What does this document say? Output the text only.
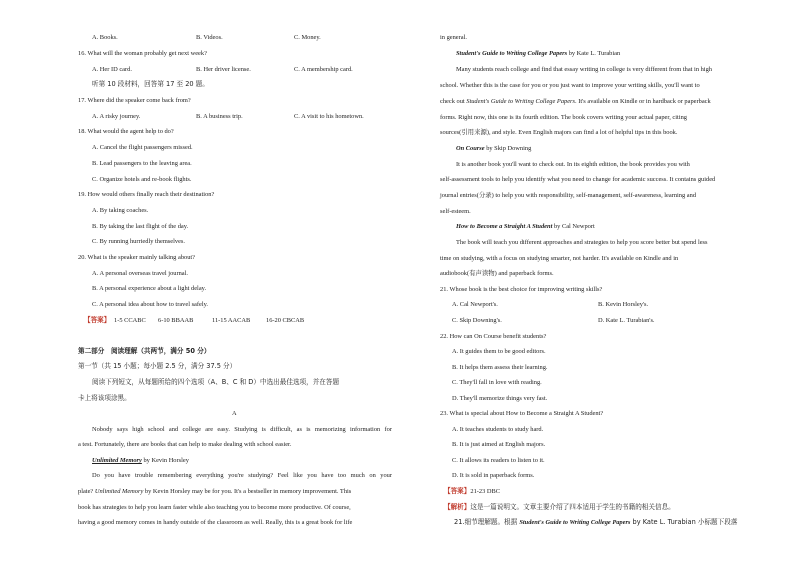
A. Books.	B. Videos.	C. Money.
16. What will the woman probably get next week?
A. Her ID card.	B. Her driver license.	C. A membership card.
听第 10 段材料，回答第 17 至 20 题。
17. Where did the speaker come back from?
A. A risky journey.	B. A business trip.	C. A visit to his hometown.
18. What would the agent help to do?
A. Cancel the flight passengers missed.
B. Lead passengers to the leaving area.
C. Organize hotels and re-book flights.
19. How would others finally reach their destination?
A. By taking coaches.
B. By taking the last flight of the day.
C. By running hurriedly themselves.
20. What is the speaker mainly talking about?
A. A personal overseas travel journal.
B. A personal experience about a light delay.
C. A personal idea about how to travel safely.
【答案】 1-5 CCABC 6-10 BBAAB	11-15 AACAB 16-20 CBCAB
第二部分　阅读理解（共两节，满分 50 分）
第一节（共 15 小题；每小题 2.5 分，满分 37.5 分）
阅读下列短文，从每题所给的四个选项（A、B、C 和 D）中选出最佳选项，并在答题
卡上将该项涂黑。
A
Nobody says high school and college are easy. Studying is difficult, as is memorizing information for
a test. Fortunately, there are books that can help to make dealing with school easier.
Unlimited Memory by Kevin Horsley
Do you have trouble remembering everything you're studying? Feel like you have too much on your
plate? Unlimited Memory by Kevin Horsley may be for you. It's a bestseller in memory improvement. This
book has strategies to help you learn faster while also teaching you to become more productive. Of course,
having a good memory comes in handy outside of the classroom as well. Really, this is a great book for life
in general.
Student's Guide to Writing College Papers by Kate L. Turabian
Many students reach college and find that essay writing in college is very different from that in high
school. Whether this is the case for you or you just want to improve your writing skills, you'll want to
check out Student's Guide to Writing College Papers. It's available on Kindle or in hardback or paperback
forms. Right now, this one is its fourth edition. The book covers writing your actual paper, citing
sources(引用来源), and style. Even English majors can find a lot of helpful tips in this book.
On Course by Skip Downing
It is another book you'll want to check out. In its eighth edition, the book provides you with
self-assessment tools to help you identify what you need to change for academic success. It contains guided
journal entries(分录) to help you with responsibility, self-management, self-awareness, learning and
self-esteem.
How to Become a Straight A Student by Cal Newport
The book will teach you different approaches and strategies to help you score better but spend less
time on studying, with a focus on studying smarter, not harder. It's available on Kindle and in
audiobook(有声读物) and paperback forms.
21. Whose book is the best choice for improving writing skills?
A. Cal Newport's.	B. Kevin Horsley's.
C. Skip Downing's.	D. Kate L. Turabian's.
22. How can On Course benefit students?
A. It guides them to be good editors.
B. It helps them assess their learning.
C. They'll fall in love with reading.
D. They'll memorize things very fast.
23. What is special about How to Become a Straight A Student?
A. It teaches students to study hard.
B. It is just aimed at English majors.
C. It allows its readers to listen to it.
D. It is sold in paperback forms.
【答案】21-23 DBC
【解析】这是一篇说明文。文章主要介绍了四本适用于学生的书籍的相关信息。
21.细节理解题。根据 Student's Guide to Writing College Papers by Kate L. Turabian 小标题下段落
